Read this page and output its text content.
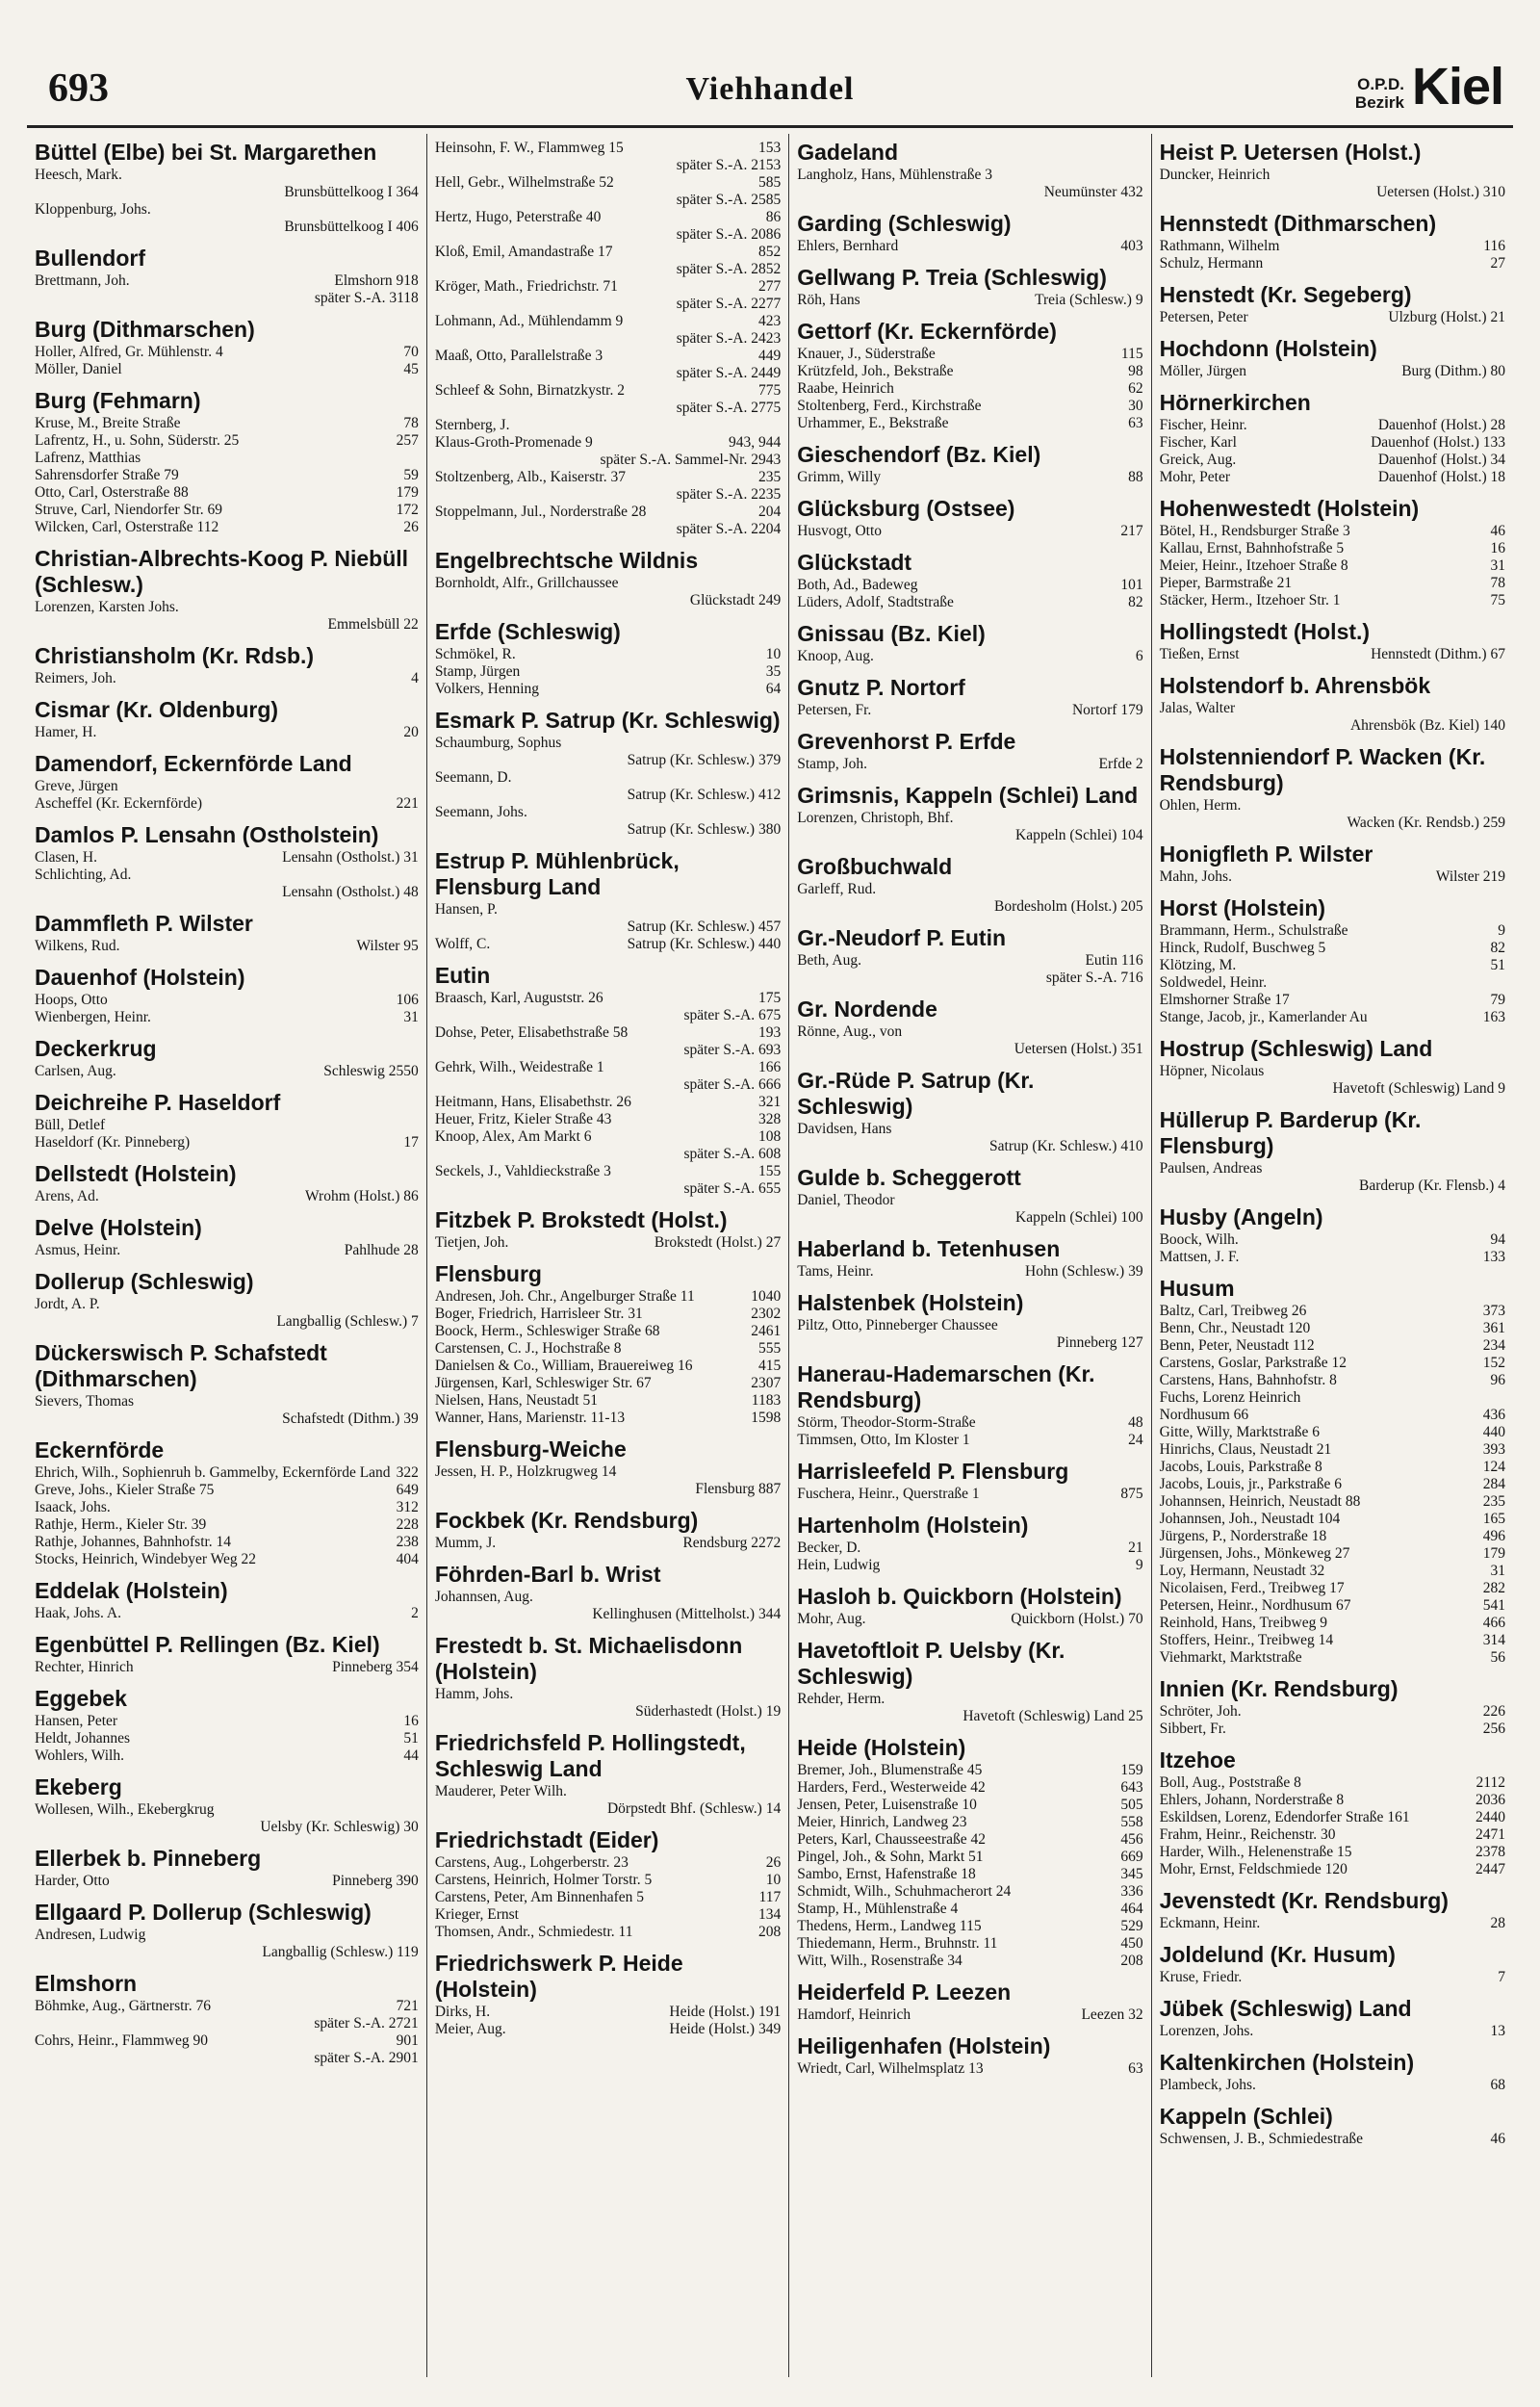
693	Viehhandel	O.P.D.
Bezirk Kiel
Büttel (Elbe) bei St. Margarethen
Heesch, Mark.
Brunsbüttelkoog I 364
Kloppenburg, Johs.
Brunsbüttelkoog I 406
Bullendorf
Brettmann, Joh.	Elmshorn 918
später S.-A. 3118
Burg (Dithmarschen)
Holler, Alfred, Gr. Mühlenstr. 4	70
Möller, Daniel	45
Burg (Fehmarn)
Kruse, M., Breite Straße	78
Lafrentz, H., u. Sohn, Süderstr. 25	257
Lafrenz, Matthias
Sahrensdorfer Straße 79	59
Otto, Carl, Osterstraße 88	179
Struve, Carl, Niendorfer Str. 69	172
Wilcken, Carl, Osterstraße 112	26
Christian-Albrechts-Koog P. Niebüll (Schlesw.)
Lorenzen, Karsten Johs.
Emmelsbüll 22
Christiansholm (Kr. Rdsb.)
Reimers, Joh.	4
Cismar (Kr. Oldenburg)
Hamer, H.	20
Damendorf, Eckernförde Land
Greve, Jürgen
Ascheffel (Kr. Eckernförde)	221
Damlos P. Lensahn (Ostholstein)
Clasen, H.	Lensahn (Ostholst.) 31
Schlichting, Ad.
Lensahn (Ostholst.) 48
Dammfleth P. Wilster
Wilkens, Rud.	Wilster 95
Dauenhof (Holstein)
Hoops, Otto	106
Wienbergen, Heinr.	31
Deckerkrug
Carlsen, Aug.	Schleswig 2550
Deichreihe P. Haseldorf
Büll, Detlef
Haseldorf (Kr. Pinneberg)	17
Dellstedt (Holstein)
Arens, Ad.	Wrohm (Holst.) 86
Delve (Holstein)
Asmus, Heinr.	Pahlhude 28
Dollerup (Schleswig)
Jordt, A. P.
Langballig (Schlesw.) 7
Dückerswisch P. Schafstedt (Dithmarschen)
Sievers, Thomas
Schafstedt (Dithm.) 39
Eckernförde
Ehrich, Wilh., Sophienruh b. Gammelby, Eckernförde Land 322
Greve, Johs., Kieler Straße 75	649
Isaack, Johs.	312
Rathje, Herm., Kieler Str. 39	228
Rathje, Johannes, Bahnhofstr. 14	238
Stocks, Heinrich, Windebyer Weg 22	404
Eddelak (Holstein)
Haak, Johs. A.	2
Egenbüttel P. Rellingen (Bz. Kiel)
Rechter, Hinrich	Pinneberg 354
Eggebek
Hansen, Peter	16
Heldt, Johannes	51
Wohlers, Wilh.	44
Ekeberg
Wollesen, Wilh., Ekebergkrug
Uelsby (Kr. Schleswig) 30
Ellerbek b. Pinneberg
Harder, Otto	Pinneberg 390
Ellgaard P. Dollerup (Schleswig)
Andresen, Ludwig
Langballig (Schlesw.) 119
Elmshorn
Böhmke, Aug., Gärtnerstr. 76	721
später S.-A. 2721
Cohrs, Heinr., Flammweg 90	901
später S.-A. 2901
Heinsohn, F. W., Flammweg 15	153
später S.-A. 2153
Hell, Gebr., Wilhelmstraße 52	585
später S.-A. 2585
Hertz, Hugo, Peterstraße 40	86
später S.-A. 2086
Kloß, Emil, Amandastraße 17	852
später S.-A. 2852
Kröger, Math., Friedrichstr. 71	277
später S.-A. 2277
Lohmann, Ad., Mühlendamm 9	423
später S.-A. 2423
Maaß, Otto, Parallelstraße 3	449
später S.-A. 2449
Schleef & Sohn, Birnatzkystr. 2	775
später S.-A. 2775
Sternberg, J.
Klaus-Groth-Promenade 9	943, 944
später S.-A. Sammel-Nr. 2943
Stoltzenberg, Alb., Kaiserstr. 37	235
später S.-A. 2235
Stoppelmann, Jul., Norderstraße 28	204
später S.-A. 2204
Engelbrechtsche Wildnis
Bornholdt, Alfr., Grillchaussee
Glückstadt 249
Erfde (Schleswig)
Schmökel, R.	10
Stamp, Jürgen	35
Volkers, Henning	64
Esmark P. Satrup (Kr. Schleswig)
Schaumburg, Sophus
Satrup (Kr. Schlesw.) 379
Seemann, D.
Satrup (Kr. Schlesw.) 412
Seemann, Johs.
Satrup (Kr. Schlesw.) 380
Estrup P. Mühlenbrück, Flensburg Land
Hansen, P.
Satrup (Kr. Schlesw.) 457
Wolff, C.	Satrup (Kr. Schlesw.) 440
Eutin
Braasch, Karl, Auguststr. 26	175
später S.-A. 675
Dohse, Peter, Elisabethstraße 58	193
später S.-A. 693
Gehrk, Wilh., Weidestraße 1	166
später S.-A. 666
Heitmann, Hans, Elisabethstr. 26	321
Heuer, Fritz, Kieler Straße 43	328
Knoop, Alex, Am Markt 6	108
später S.-A. 608
Seckels, J., Vahldieckstraße 3	155
später S.-A. 655
Fitzbek P. Brokstedt (Holst.)
Tietjen, Joh.	Brokstedt (Holst.) 27
Flensburg
Andresen, Joh. Chr., Angelburger Straße 11	1040
Boger, Friedrich, Harrisleer Str. 31	2302
Boock, Herm., Schleswiger Straße 68	2461
Carstensen, C. J., Hochstraße 8	555
Danielsen & Co., William, Brauereiweg 16	415
Jürgensen, Karl, Schleswiger Str. 67	2307
Nielsen, Hans, Neustadt 51	1183
Wanner, Hans, Marienstr. 11-13	1598
Flensburg-Weiche
Jessen, H. P., Holzkrugweg 14
Flensburg 887
Fockbek (Kr. Rendsburg)
Mumm, J.	Rendsburg 2272
Föhrden-Barl b. Wrist
Johannsen, Aug.
Kellinghusen (Mittelholst.) 344
Frestedt b. St. Michaelisdonn (Holstein)
Hamm, Johs.
Süderhastedt (Holst.) 19
Friedrichsfeld P. Hollingstedt, Schleswig Land
Mauderer, Peter Wilh.
Dörpstedt Bhf. (Schlesw.) 14
Friedrichstadt (Eider)
Carstens, Aug., Lohgerberstr. 23	26
Carstens, Heinrich, Holmer Torstr. 5	10
Carstens, Peter, Am Binnenhafen 5	117
Krieger, Ernst	134
Thomsen, Andr., Schmiedestr. 11	208
Friedrichswerk P. Heide (Holstein)
Dirks, H.	Heide (Holst.) 191
Meier, Aug.	Heide (Holst.) 349
Gadeland
Langholz, Hans, Mühlenstraße 3
Neumünster 432
Garding (Schleswig)
Ehlers, Bernhard	403
Gellwang P. Treia (Schleswig)
Röh, Hans	Treia (Schlesw.) 9
Gettorf (Kr. Eckernförde)
Knauer, J., Süderstraße	115
Krützfeld, Joh., Bekstraße	98
Raabe, Heinrich	62
Stoltenberg, Ferd., Kirchstraße	30
Urhammer, E., Bekstraße	63
Gieschendorf (Bz. Kiel)
Grimm, Willy	88
Glücksburg (Ostsee)
Husvogt, Otto	217
Glückstadt
Both, Ad., Badeweg	101
Lüders, Adolf, Stadtstraße	82
Gnissau (Bz. Kiel)
Knoop, Aug.	6
Gnutz P. Nortorf
Petersen, Fr.	Nortorf 179
Grevenhorst P. Erfde
Stamp, Joh.	Erfde 2
Grimsnis, Kappeln (Schlei) Land
Lorenzen, Christoph, Bhf.
Kappeln (Schlei) 104
Großbuchwald
Garleff, Rud.
Bordesholm (Holst.) 205
Gr.-Neudorf P. Eutin
Beth, Aug.	Eutin 116
später S.-A. 716
Gr. Nordende
Rönne, Aug., von
Uetersen (Holst.) 351
Gr.-Rüde P. Satrup (Kr. Schleswig)
Davidsen, Hans
Satrup (Kr. Schlesw.) 410
Gulde b. Scheggerott
Daniel, Theodor
Kappeln (Schlei) 100
Haberland b. Tetenhusen
Tams, Heinr.	Hohn (Schlesw.) 39
Halstenbek (Holstein)
Piltz, Otto, Pinneberger Chaussee
Pinneberg 127
Hanerau-Hademarschen (Kr. Rendsburg)
Störm, Theodor-Storm-Straße	48
Timmsen, Otto, Im Kloster 1	24
Harrisleefeld P. Flensburg
Fuschera, Heinr., Querstraße 1	875
Hartenholm (Holstein)
Becker, D.	21
Hein, Ludwig	9
Hasloh b. Quickborn (Holstein)
Mohr, Aug.	Quickborn (Holst.) 70
Havetoftloit P. Uelsby (Kr. Schleswig)
Rehder, Herm.
Havetoft (Schleswig) Land 25
Heide (Holstein)
Bremer, Joh., Blumenstraße 45	159
Harders, Ferd., Westerweide 42	643
Jensen, Peter, Luisenstraße 10	505
Meier, Hinrich, Landweg 23	558
Peters, Karl, Chausseestraße 42	456
Pingel, Joh., & Sohn, Markt 51	669
Sambo, Ernst, Hafenstraße 18	345
Schmidt, Wilh., Schuhmacherort 24	336
Stamp, H., Mühlenstraße 4	464
Thedens, Herm., Landweg 115	529
Thiedemann, Herm., Bruhnstr. 11	450
Witt, Wilh., Rosenstraße 34	208
Heiderfeld P. Leezen
Hamdorf, Heinrich	Leezen 32
Heiligenhafen (Holstein)
Wriedt, Carl, Wilhelmsplatz 13	63
Heist P. Uetersen (Holst.)
Duncker, Heinrich
Uetersen (Holst.) 310
Hennstedt (Dithmarschen)
Rathmann, Wilhelm	116
Schulz, Hermann	27
Henstedt (Kr. Segeberg)
Petersen, Peter	Ulzburg (Holst.) 21
Hochdonn (Holstein)
Möller, Jürgen	Burg (Dithm.) 80
Hörnerkirchen
Fischer, Heinr.	Dauenhof (Holst.) 28
Fischer, Karl	Dauenhof (Holst.) 133
Greick, Aug.	Dauenhof (Holst.) 34
Mohr, Peter	Dauenhof (Holst.) 18
Hohenwestedt (Holstein)
Bötel, H., Rendsburger Straße 3	46
Kallau, Ernst, Bahnhofstraße 5	16
Meier, Heinr., Itzehoer Straße 8	31
Pieper, Barmstraße 21	78
Stäcker, Herm., Itzehoer Str. 1	75
Hollingstedt (Holst.)
Tießen, Ernst	Hennstedt (Dithm.) 67
Holstendorf b. Ahrensbök
Jalas, Walter
Ahrensbök (Bz. Kiel) 140
Holstenniendorf P. Wacken (Kr. Rendsburg)
Ohlen, Herm.
Wacken (Kr. Rendsb.) 259
Honigfleth P. Wilster
Mahn, Johs.	Wilster 219
Horst (Holstein)
Brammann, Herm., Schulstraße	9
Hinck, Rudolf, Buschweg 5	82
Klötzing, M.	51
Soldwedel, Heinr.
Elmshorner Straße 17	79
Stange, Jacob, jr., Kamerlander Au	163
Hostrup (Schleswig) Land
Höpner, Nicolaus
Havetoft (Schleswig) Land 9
Hüllerup P. Barderup (Kr. Flensburg)
Paulsen, Andreas
Barderup (Kr. Flensb.) 4
Husby (Angeln)
Boock, Wilh.	94
Mattsen, J. F.	133
Husum
Baltz, Carl, Treibweg 26	373
Benn, Chr., Neustadt 120	361
Benn, Peter, Neustadt 112	234
Carstens, Goslar, Parkstraße 12	152
Carstens, Hans, Bahnhofstr. 8	96
Fuchs, Lorenz Heinrich
Nordhusum 66	436
Gitte, Willy, Marktstraße 6	440
Hinrichs, Claus, Neustadt 21	393
Jacobs, Louis, Parkstraße 8	124
Jacobs, Louis, jr., Parkstraße 6	284
Johannsen, Heinrich, Neustadt 88	235
Johannsen, Joh., Neustadt 104	165
Jürgens, P., Norderstraße 18	496
Jürgensen, Johs., Mönkeweg 27	179
Loy, Hermann, Neustadt 32	31
Nicolaisen, Ferd., Treibweg 17	282
Petersen, Heinr., Nordhusum 67	541
Reinhold, Hans, Treibweg 9	466
Stoffers, Heinr., Treibweg 14	314
Viehmarkt, Marktstraße	56
Innien (Kr. Rendsburg)
Schröter, Joh.	226
Sibbert, Fr.	256
Itzehoe
Boll, Aug., Poststraße 8	2112
Ehlers, Johann, Norderstraße 8	2036
Eskildsen, Lorenz, Edendorfer Straße 161	2440
Frahm, Heinr., Reichenstr. 30	2471
Harder, Wilh., Helenenstraße 15	2378
Mohr, Ernst, Feldschmiede 120	2447
Jevenstedt (Kr. Rendsburg)
Eckmann, Heinr.	28
Joldelund (Kr. Husum)
Kruse, Friedr.	7
Jübek (Schleswig) Land
Lorenzen, Johs.	13
Kaltenkirchen (Holstein)
Plambeck, Johs.	68
Kappeln (Schlei)
Schwensen, J. B., Schmiedestraße	46
